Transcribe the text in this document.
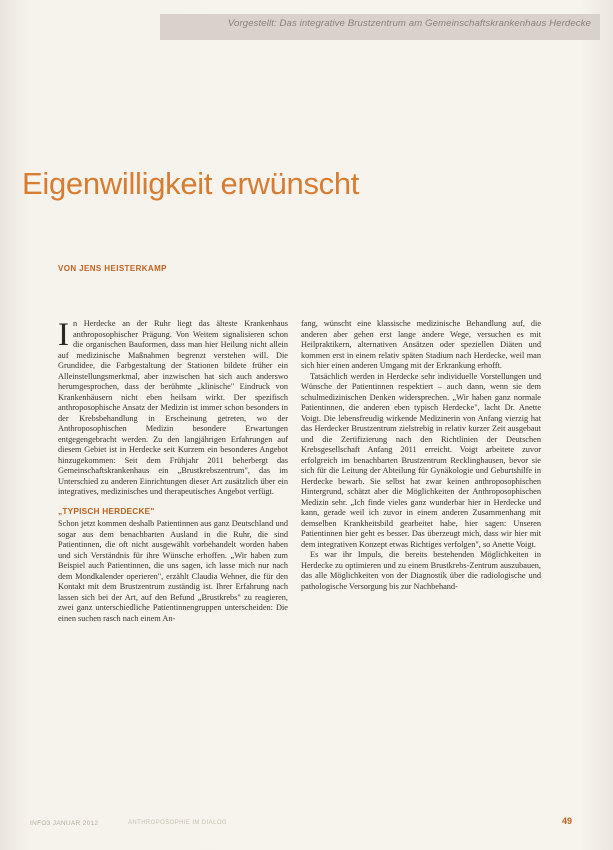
Vorgestellt: Das integrative Brustzentrum am Gemeinschaftskrankenhaus Herdecke
Eigenwilligkeit erwünscht
VON JENS HEISTERKAMP

In Herdecke an der Ruhr liegt das älteste Krankenhaus anthroposophischer Prägung. Von Weitem signalisieren schon die organischen Bauformen, dass man hier Heilung nicht allein auf medizinische Maßnahmen begrenzt verstehen will. Die Grundidee, die Farbgestaltung der Stationen bildete früher ein Alleinstellungsmerkmal, aber inzwischen hat sich auch anderswo herumgesprochen, dass der berühmte „klinische" Eindruck von Krankenhäusern nicht eben heilsam wirkt. Der spezifisch anthroposophische Ansatz der Medizin ist immer schon besonders in der Krebsbehandlung in Erscheinung getreten, wo der Anthroposophischen Medizin besondere Erwartungen entgegengebracht werden. Zu den langjährigen Erfahrungen auf diesem Gebiet ist in Herdecke seit Kurzem ein besonderes Angebot hinzugekommen: Seit dem Frühjahr 2011 beherbergt das Gemeinschaftskrankenhaus ein „Brustkrebszentrum", das im Unterschied zu anderen Einrichtungen dieser Art zusätzlich über ein integratives, medizinisches und therapeutisches Angebot verfügt.

„TYPISCH HERDECKE"

Schon jetzt kommen deshalb Patientinnen aus ganz Deutschland und sogar aus dem benachbarten Ausland in die Ruhr, die sind Patientinnen, die oft nicht ausgewählt vorbehandelt worden haben und sich Verständnis für ihre Wünsche erhoffen. „Wir haben zum Beispiel auch Patientinnen, die uns sagen, ich lasse mich nur nach dem Mondkalender operieren", erzählt Claudia Wehner, die für den Kontakt mit dem Brustzentrum zuständig ist. Ihrer Erfahrung nach lassen sich bei der Art, auf den Befund „Brustkrebs" zu reagieren, zwei ganz unterschiedliche Patientinnengruppen unterscheiden: Die einen suchen rasch nach einem An-

fang, wünscht eine klassische medizinische Behandlung auf, die anderen aber gehen erst lange andere Wege, versuchen es mit Heilpraktikern, alternativen Ansätzen oder speziellen Diäten und kommen erst in einem relativ späten Stadium nach Herdecke, weil man sich hier einen anderen Umgang mit der Erkrankung erhofft.

Tatsächlich werden in Herdecke sehr individuelle Vorstellungen und Wünsche der Patientinnen respektiert – auch dann, wenn sie dem schulmedizinischen Denken widersprechen. „Wir haben ganz normale Patientinnen, die anderen eben typisch Herdecke", lacht Dr. Anette Voigt. Die lebensfreudig wirkende Medizinerin von Anfang vierzig hat das Herdecker Brustzentrum zielstrebig in relativ kurzer Zeit ausgebaut und die Zertifizierung nach den Richtlinien der Deutschen Krebsgesellschaft Anfang 2011 erreicht. Voigt arbeitete zuvor erfolgreich im benachbarten Brustzentrum Recklinghausen, bevor sie sich für die Leitung der Abteilung für Gynäkologie und Geburtshilfe in Herdecke bewarb. Sie selbst hat zwar keinen anthroposophischen Hintergrund, schätzt aber die Möglichkeiten der Anthroposophischen Medizin sehr. „Ich finde vieles ganz wunderbar hier in Herdecke und kann, gerade weil ich zuvor in einem anderen Zusammenhang mit demselben Krankheitsbild gearbeitet habe, hier sagen: Unseren Patientinnen hier geht es besser. Das überzeugt mich, dass wir hier mit dem integrativen Konzept etwas Richtiges verfolgen", so Anette Voigt.

Es war ihr Impuls, die bereits bestehenden Möglichkeiten in Herdecke zu optimieren und zu einem Brustkrebs-Zentrum auszubauen, das alle Möglichkeiten von der Diagnostik über die radiologische und pathologische Versorgung bis zur Nachbehand-

INFO3 JANUAR 2012	ANTHROPOSOPHIE IM DIALOG	49
